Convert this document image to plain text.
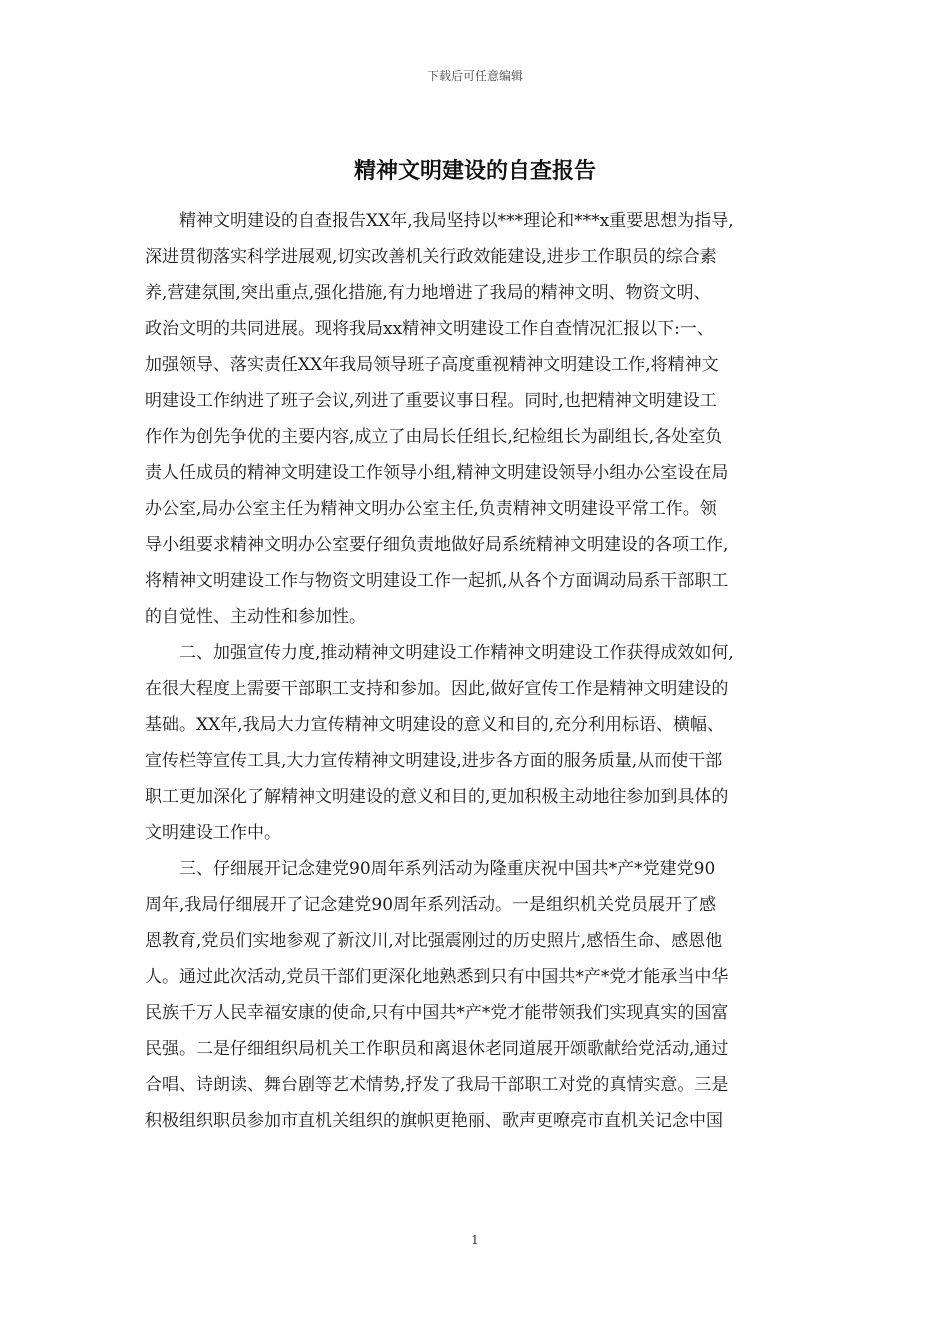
下载后可任意编辑
精神文明建设的自查报告
　　精神文明建设的自查报告XX年,我局坚持以***理论和***x重要思想为指导,
深进贯彻落实科学进展观,切实改善机关行政效能建设,进步工作职员的综合素
养,营建氛围,突出重点,强化措施,有力地增进了我局的精神文明、物资文明、
政治文明的共同进展。现将我局xx精神文明建设工作自查情况汇报以下:一、
加强领导、落实责任XX年我局领导班子高度重视精神文明建设工作,将精神文
明建设工作纳进了班子会议,列进了重要议事日程。同时,也把精神文明建设工
作作为创先争优的主要内容,成立了由局长任组长,纪检组长为副组长,各处室负
责人任成员的精神文明建设工作领导小组,精神文明建设领导小组办公室设在局
办公室,局办公室主任为精神文明办公室主任,负责精神文明建设平常工作。领
导小组要求精神文明办公室要仔细负责地做好局系统精神文明建设的各项工作,
将精神文明建设工作与物资文明建设工作一起抓,从各个方面调动局系干部职工
的自觉性、主动性和参加性。
　　二、加强宣传力度,推动精神文明建设工作精神文明建设工作获得成效如何,
在很大程度上需要干部职工支持和参加。因此,做好宣传工作是精神文明建设的
基础。XX年,我局大力宣传精神文明建设的意义和目的,充分利用标语、横幅、
宣传栏等宣传工具,大力宣传精神文明建设,进步各方面的服务质量,从而使干部
职工更加深化了解精神文明建设的意义和目的,更加积极主动地往参加到具体的
文明建设工作中。
　　三、仔细展开记念建党90周年系列活动为隆重庆祝中国共*产*党建党90
周年,我局仔细展开了记念建党90周年系列活动。一是组织机关党员展开了感
恩教育,党员们实地参观了新汶川,对比强震刚过的历史照片,感悟生命、感恩他
人。通过此次活动,党员干部们更深化地熟悉到只有中国共*产*党才能承当中华
民族千万人民幸福安康的使命,只有中国共*产*党才能带领我们实现真实的国富
民强。二是仔细组织局机关工作职员和离退休老同道展开颂歌献给党活动,通过
合唱、诗朗读、舞台剧等艺术情势,抒发了我局干部职工对党的真情实意。三是
积极组织职员参加市直机关组织的旗帜更艳丽、歌声更嘹亮市直机关记念中国
1
